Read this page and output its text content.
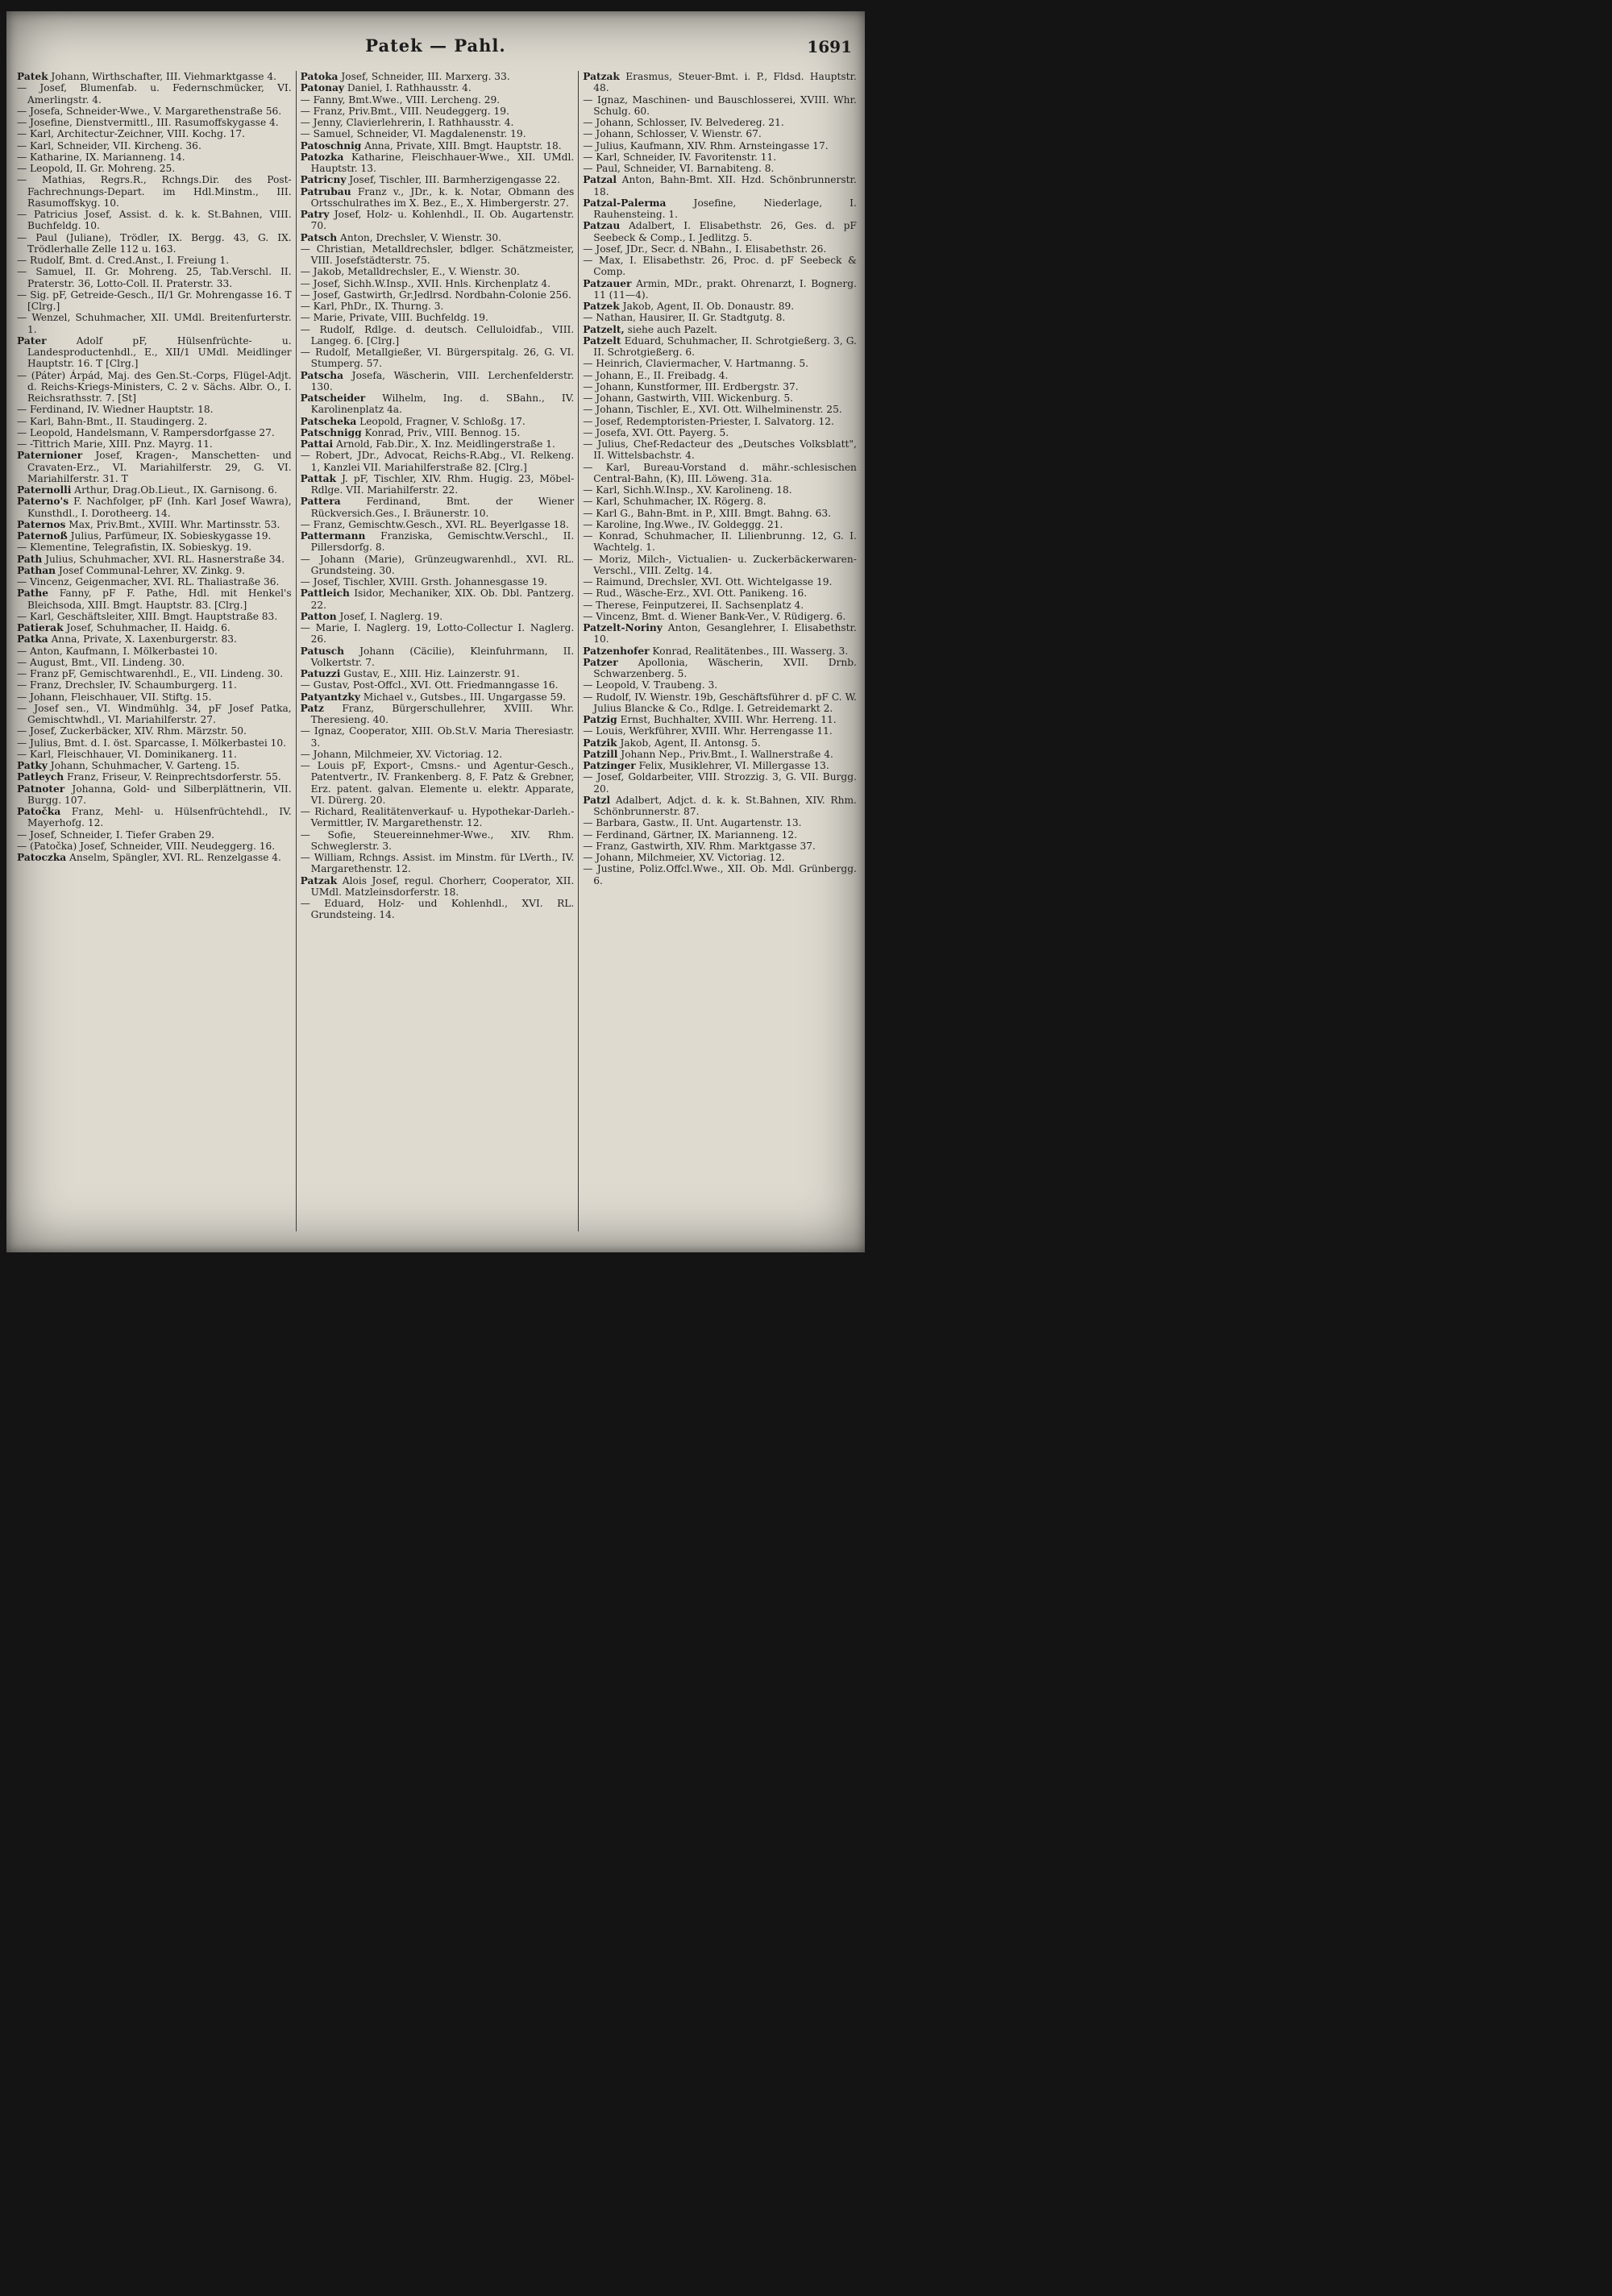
Patek — Pahl.	1691
Patek Johann, Wirthschafter, III. Viehmarktgasse 4.
— Josef, Blumenfab. u. Federnschmücker, VI. Amerlingstr. 4.
— Josefa, Schneider-Wwe., V. Margarethenstraße 56.
— Josefine, Dienstvermittl., III. Rasumoffskygasse 4.
— Karl, Architectur-Zeichner, VIII. Kochg. 17.
— Karl, Schneider, VII. Kircheng. 36.
— Katharine, IX. Marianneng. 14.
— Leopold, II. Gr. Mohreng. 25.
— Mathias, Regrs.R., Rchngs.Dir. des Post-Fachrechnungs-Depart. im Hdl.Minstm., III. Rasumoffskyg. 10.
— Patricius Josef, Assist. d. k. k. St.Bahnen, VIII. Buchfeldg. 10.
— Paul (Juliane), Trödler, IX. Bergg. 43, G. IX. Trödlerhalle Zelle 112 u. 163.
— Rudolf, Bmt. d. Cred.Anst., I. Freiung 1.
— Samuel, II. Gr. Mohreng. 25, Tab.Verschl. II. Praterstr. 36, Lotto-Coll. II. Praterstr. 33.
— Sig. pF, Getreide-Gesch., II/1 Gr. Mohrengasse 16. T [Clrg.]
— Wenzel, Schuhmacher, XII. UMdl. Breitenfurterstr. 1.
Pater Adolf pF, Hülsenfrüchte- u. Landesproductenhdl., E., XII/1 UMdl. Meidlinger Hauptstr. 16. T [Clrg.]
— (Páter) Árpád, Maj. des Gen.St.-Corps, Flügel-Adjt. d. Reichs-Kriegs-Ministers, C. 2 v. Sächs. Albr. O., I. Reichsrathsstr. 7. [St]
— Ferdinand, IV. Wiedner Hauptstr. 18.
— Karl, Bahn-Bmt., II. Staudingerg. 2.
— Leopold, Handelsmann, V. Rampersdorfgasse 27.
— -Tittrich Marie, XIII. Pnz. Mayrg. 11.
Paternioner Josef, Kragen-, Manschetten- und Cravaten-Erz., VI. Mariahilferstr. 29, G. VI. Mariahilferstr. 31. T
Paternolli Arthur, Drag.Ob.Lieut., IX. Garnisong. 6.
Paterno's F. Nachfolger, pF (Inh. Karl Josef Wawra), Kunsthdl., I. Dorotheerg. 14.
Paternos Max, Priv.Bmt., XVIII. Whr. Martinsstr. 53.
Paternoß Julius, Parfümeur, IX. Sobieskygasse 19.
— Klementine, Telegrafistin, IX. Sobieskyg. 19.
Path Julius, Schuhmacher, XVI. RL. Hasnerstraße 34.
Pathan Josef Communal-Lehrer, XV. Zinkg. 9.
— Vincenz, Geigenmacher, XVI. RL. Thaliastraße 36.
Pathe Fanny, pF F. Pathe, Hdl. mit Henkel's Bleichsoda, XIII. Bmgt. Hauptstr. 83. [Clrg.]
— Karl, Geschäftsleiter, XIII. Bmgt. Hauptstraße 83.
Patierak Josef, Schuhmacher, II. Haidg. 6.
Patka Anna, Private, X. Laxenburgerstr. 83.
— Anton, Kaufmann, I. Mölkerbastei 10.
— August, Bmt., VII. Lindeng. 30.
— Franz pF, Gemischtwarenhdl., E., VII. Lindeng. 30.
— Franz, Drechsler, IV. Schaumburgerg. 11.
— Johann, Fleischhauer, VII. Stiftg. 15.
— Josef sen., VI. Windmühlg. 34, pF Josef Patka, Gemischtwhdl., VI. Mariahilferstr. 27.
— Josef, Zuckerbäcker, XIV. Rhm. Märzstr. 50.
— Julius, Bmt. d. I. öst. Sparcasse, I. Mölkerbastei 10.
— Karl, Fleischhauer, VI. Dominikanerg. 11.
Patky Johann, Schuhmacher, V. Garteng. 15.
Patleych Franz, Friseur, V. Reinprechtsdorferstr. 55.
Patnoter Johanna, Gold- und Silberplättnerin, VII. Burgg. 107.
Patočka Franz, Mehl- u. Hülsenfrüchtehdl., IV. Mayerhofg. 12.
— Josef, Schneider, I. Tiefer Graben 29.
— (Patočka) Josef, Schneider, VIII. Neudeggerg. 16.
Patoczka Anselm, Spängler, XVI. RL. Renzelgasse 4.
Patoka Josef, Schneider, III. Marxerg. 33.
Patonay Daniel, I. Rathhausstr. 4.
— Fanny, Bmt.Wwe., VIII. Lercheng. 29.
— Franz, Priv.Bmt., VIII. Neudeggerg. 19.
— Jenny, Clavierlehrerin, I. Rathhausstr. 4.
— Samuel, Schneider, VI. Magdalenenstr. 19.
Patoschnig Anna, Private, XIII. Bmgt. Hauptstr. 18.
Patozka Katharine, Fleischhauer-Wwe., XII. UMdl. Hauptstr. 13.
Patricny Josef, Tischler, III. Barmherzigengasse 22.
Patrubau Franz v., JDr., k. k. Notar, Obmann des Ortsschulrathes im X. Bez., E., X. Himbergerstr. 27.
Patry Josef, Holz- u. Kohlenhdl., II. Ob. Augartenstr. 70.
Patsch Anton, Drechsler, V. Wienstr. 30.
— Christian, Metalldrechsler, bdlger. Schätzmeister, VIII. Josefstädterstr. 75.
— Jakob, Metalldrechsler, E., V. Wienstr. 30.
— Josef, Sichh.W.Insp., XVII. Hnls. Kirchenplatz 4.
— Josef, Gastwirth, Gr.Jedlrsd. Nordbahn-Colonie 256.
— Karl, PhDr., IX. Thurng. 3.
— Marie, Private, VIII. Buchfeldg. 19.
— Rudolf, Rdlge. d. deutsch. Celluloidfab., VIII. Langeg. 6. [Clrg.]
— Rudolf, Metallgießer, VI. Bürgerspitalg. 26, G. VI. Stumperg. 57.
Patscha Josefa, Wäscherin, VIII. Lerchenfelderstr. 130.
Patscheider Wilhelm, Ing. d. SBahn., IV. Karolinenplatz 4a.
Patscheka Leopold, Fragner, V. Schloßg. 17.
Patschnigg Konrad, Priv., VIII. Bennog. 15.
Pattai Arnold, Fab.Dir., X. Inz. Meidlingerstraße 1.
— Robert, JDr., Advocat, Reichs-R.Abg., VI. Relkeng. 1, Kanzlei VII. Mariahilferstraße 82. [Clrg.]
Pattak J. pF, Tischler, XIV. Rhm. Hugig. 23, Möbel-Rdlge. VII. Mariahilferstr. 22.
Pattera Ferdinand, Bmt. der Wiener Rückversich.Ges., I. Bräunerstr. 10.
— Franz, Gemischtw.Gesch., XVI. RL. Beyerlgasse 18.
Pattermann Franziska, Gemischtw.Verschl., II. Pillersdorfg. 8.
— Johann (Marie), Grünzeugwarenhdl., XVI. RL. Grundsteing. 30.
— Josef, Tischler, XVIII. Grsth. Johannesgasse 19.
Pattleich Isidor, Mechaniker, XIX. Ob. Dbl. Pantzerg. 22.
Patton Josef, I. Naglerg. 19.
— Marie, I. Naglerg. 19, Lotto-Collectur I. Naglerg. 26.
Patusch Johann (Cäcilie), Kleinfuhrmann, II. Volkertstr. 7.
Patuzzi Gustav, E., XIII. Hiz. Lainzerstr. 91.
— Gustav, Post-Offcl., XVI. Ott. Friedmanngasse 16.
Patyantzky Michael v., Gutsbes., III. Ungargasse 59.
Patz Franz, Bürgerschullehrer, XVIII. Whr. Theresieng. 40.
— Ignaz, Cooperator, XIII. Ob.St.V. Maria Theresiastr. 3.
— Johann, Milchmeier, XV. Victoriag. 12.
— Louis pF, Export-, Cmsns.- und Agentur-Gesch., Patentvertr., IV. Frankenberg. 8, F. Patz & Grebner, Erz. patent. galvan. Elemente u. elektr. Apparate, VI. Dürerg. 20.
— Richard, Realitätenverkauf- u. Hypothekar-Darleh.-Vermittler, IV. Margarethenstr. 12.
— Sofie, Steuereinnehmer-Wwe., XIV. Rhm. Schweglerstr. 3.
— William, Rchngs. Assist. im Minstm. für LVerth., IV. Margarethenstr. 12.
Patzak Alois Josef, regul. Chorherr, Cooperator, XII. UMdl. Matzleinsdorferstr. 18.
— Eduard, Holz- und Kohlenhdl., XVI. RL. Grundsteing. 14.
Patzak Erasmus, Steuer-Bmt. i. P., Fldsd. Hauptstr. 48.
— Ignaz, Maschinen- und Bauschlosserei, XVIII. Whr. Schulg. 60.
— Johann, Schlosser, IV. Belvedereg. 21.
— Johann, Schlosser, V. Wienstr. 67.
— Julius, Kaufmann, XIV. Rhm. Arnsteingasse 17.
— Karl, Schneider, IV. Favoritenstr. 11.
— Paul, Schneider, VI. Barnabiteng. 8.
Patzal Anton, Bahn-Bmt. XII. Hzd. Schönbrunnerstr. 18.
Patzal-Palerma Josefine, Niederlage, I. Rauhensteing. 1.
Patzau Adalbert, I. Elisabethstr. 26, Ges. d. pF Seebeck & Comp., I. Jedlitzg. 5.
— Josef, JDr., Secr. d. NBahn., I. Elisabethstr. 26.
— Max, I. Elisabethstr. 26, Proc. d. pF Seebeck & Comp.
Patzauer Armin, MDr., prakt. Ohrenarzt, I. Bognerg. 11 (11—4).
Patzek Jakob, Agent, II. Ob. Donaustr. 89.
— Nathan, Hausirer, II. Gr. Stadtgutg. 8.
Patzelt, siehe auch Pazelt.
Patzelt Eduard, Schuhmacher, II. Schrotgießerg. 3, G. II. Schrotgießerg. 6.
— Heinrich, Claviermacher, V. Hartmanng. 5.
— Johann, E., II. Freibadg. 4.
— Johann, Kunstformer, III. Erdbergstr. 37.
— Johann, Gastwirth, VIII. Wickenburg. 5.
— Johann, Tischler, E., XVI. Ott. Wilhelminenstr. 25.
— Josef, Redemptoristen-Priester, I. Salvatorg. 12.
— Josefa, XVI. Ott. Payerg. 5.
— Julius, Chef-Redacteur des „Deutsches Volksblatt", II. Wittelsbachstr. 4.
— Karl, Bureau-Vorstand d. mähr.-schlesischen Central-Bahn, (K), III. Löweng. 31a.
— Karl, Sichh.W.Insp., XV. Karolineng. 18.
— Karl, Schuhmacher, IX. Rögerg. 8.
— Karl G., Bahn-Bmt. in P., XIII. Bmgt. Bahng. 63.
— Karoline, Ing.Wwe., IV. Goldeggg. 21.
— Konrad, Schuhmacher, II. Lilienbrunng. 12, G. I. Wachtelg. 1.
— Moriz, Milch-, Victualien- u. Zuckerbäckerwaren-Verschl., VIII. Zeltg. 14.
— Raimund, Drechsler, XVI. Ott. Wichtelgasse 19.
— Rud., Wäsche-Erz., XVI. Ott. Panikeng. 16.
— Therese, Feinputzerei, II. Sachsenplatz 4.
— Vincenz, Bmt. d. Wiener Bank-Ver., V. Rüdigerg. 6.
Patzelt-Noriny Anton, Gesanglehrer, I. Elisabethstr. 10.
Patzenhofer Konrad, Realitätenbes., III. Wasserg. 3.
Patzer Apollonia, Wäscherin, XVII. Drnb. Schwarzenberg. 5.
— Leopold, V. Traubeng. 3.
— Rudolf, IV. Wienstr. 19b, Geschäftsführer d. pF C. W. Julius Blancke & Co., Rdlge. I. Getreidemarkt 2.
Patzig Ernst, Buchhalter, XVIII. Whr. Herreng. 11.
— Louis, Werkführer, XVIII. Whr. Herrengasse 11.
Patzik Jakob, Agent, II. Antonsg. 5.
Patzill Johann Nep., Priv.Bmt., I. Wallnerstraße 4.
Patzinger Felix, Musiklehrer, VI. Millergasse 13.
— Josef, Goldarbeiter, VIII. Strozzig. 3, G. VII. Burgg. 20.
Patzl Adalbert, Adjct. d. k. k. St.Bahnen, XIV. Rhm. Schönbrunnerstr. 87.
— Barbara, Gastw., II. Unt. Augartenstr. 13.
— Ferdinand, Gärtner, IX. Marianneng. 12.
— Franz, Gastwirth, XIV. Rhm. Marktgasse 37.
— Johann, Milchmeier, XV. Victoriag. 12.
— Justine, Poliz.Offcl.Wwe., XII. Ob. Mdl. Grünbergg. 6.
